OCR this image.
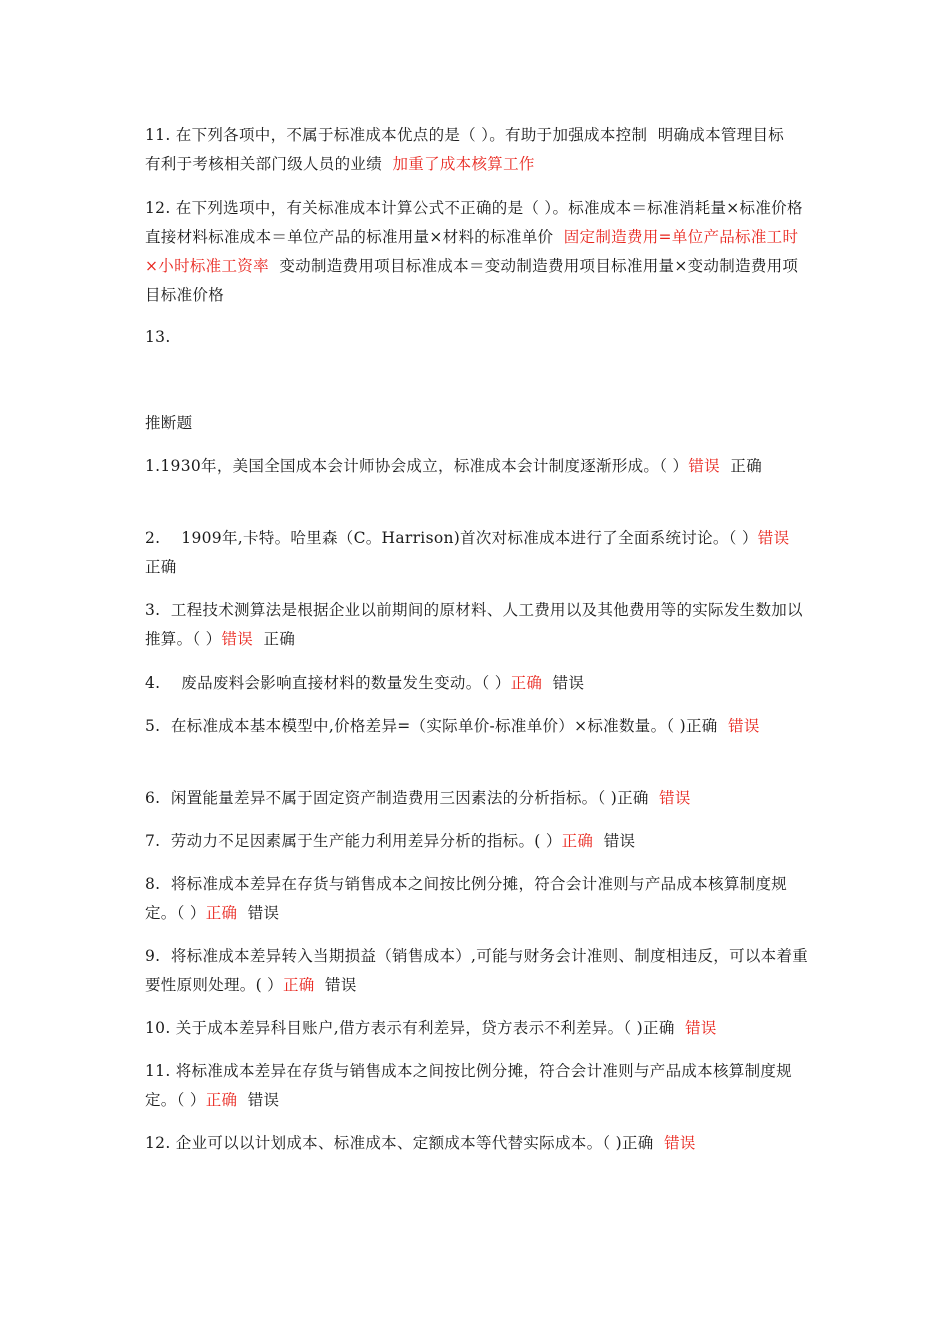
11. 在下列各项中，不属于标准成本优点的是（ ）。有助于加强成本控制  明确成本管理目标  有利于考核相关部门级人员的业绩  加重了成本核算工作

12. 在下列选项中，有关标准成本计算公式不正确的是（ ）。标准成本＝标准消耗量×标准价格  直接材料标准成本＝单位产品的标准用量×材料的标准单价  固定制造费用=单位产品标准工时×小时标准工资率  变动制造费用项目标准成本＝变动制造费用项目标准用量×变动制造费用项目标准价格

13.

推断题

1.1930年，美国全国成本会计师协会成立，标准成本会计制度逐渐形成。（ ）错误  正确

2.    1909年,卡特。哈里森（C。Harrison)首次对标准成本进行了全面系统讨论。（ ）错误  正确

3.  工程技术测算法是根据企业以前期间的原材料、人工费用以及其他费用等的实际发生数加以推算。（ ）错误  正确

4.    废品废料会影响直接材料的数量发生变动。（ ）正确  错误

5.  在标准成本基本模型中,价格差异=（实际单价-标准单价）×标准数量。（ )正确  错误

6.  闲置能量差异不属于固定资产制造费用三因素法的分析指标。（ )正确  错误

7.  劳动力不足因素属于生产能力利用差异分析的指标。( ）正确  错误

8.  将标准成本差异在存货与销售成本之间按比例分摊，符合会计准则与产品成本核算制度规定。（ ）正确  错误

9.  将标准成本差异转入当期损益（销售成本）,可能与财务会计准则、制度相违反，可以本着重要性原则处理。( ）正确  错误

10. 关于成本差异科目账户,借方表示有利差异，贷方表示不利差异。（ )正确  错误

11. 将标准成本差异在存货与销售成本之间按比例分摊，符合会计准则与产品成本核算制度规定。（ ）正确  错误

12. 企业可以以计划成本、标准成本、定额成本等代替实际成本。（ )正确  错误
